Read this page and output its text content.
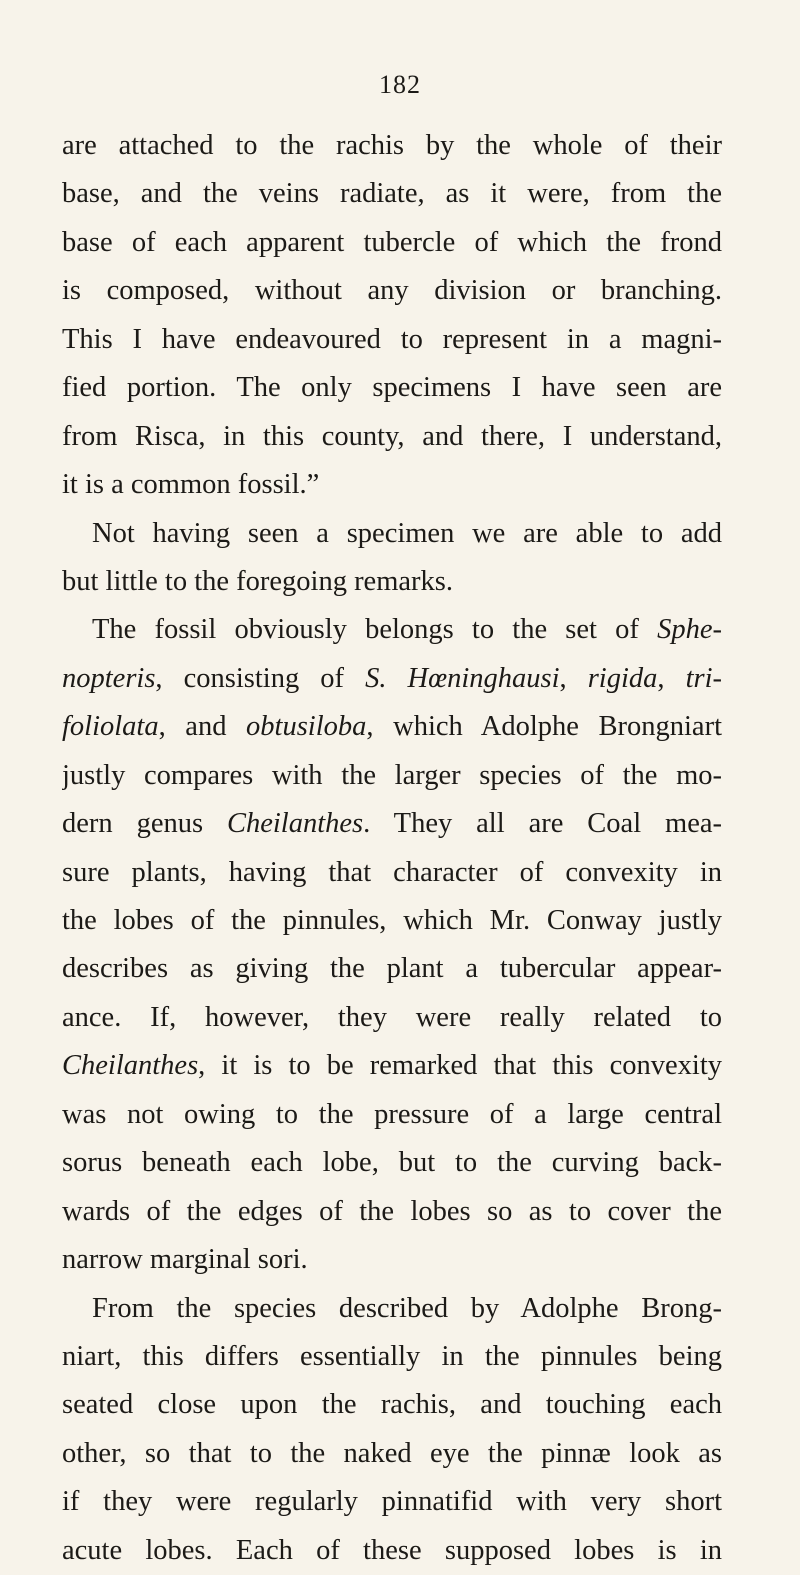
182
are attached to the rachis by the whole of their
base, and the veins radiate, as it were, from the
base of each apparent tubercle of which the frond
is composed, without any division or branching.
This I have endeavoured to represent in a magni-
fied portion. The only specimens I have seen are
from Risca, in this county, and there, I understand,
it is a common fossil.”
Not having seen a specimen we are able to add
but little to the foregoing remarks.
The fossil obviously belongs to the set of Sphe-
nopteris, consisting of S. Hœninghausi, rigida, tri-
foliolata, and obtusiloba, which Adolphe Brongniart
justly compares with the larger species of the mo-
dern genus Cheilanthes. They all are Coal mea-
sure plants, having that character of convexity in
the lobes of the pinnules, which Mr. Conway justly
describes as giving the plant a tubercular appear-
ance. If, however, they were really related to
Cheilanthes, it is to be remarked that this convexity
was not owing to the pressure of a large central
sorus beneath each lobe, but to the curving back-
wards of the edges of the lobes so as to cover the
narrow marginal sori.
From the species described by Adolphe Brong-
niart, this differs essentially in the pinnules being
seated close upon the rachis, and touching each
other, so that to the naked eye the pinnæ look as
if they were regularly pinnatifid with very short
acute lobes. Each of these supposed lobes is in
